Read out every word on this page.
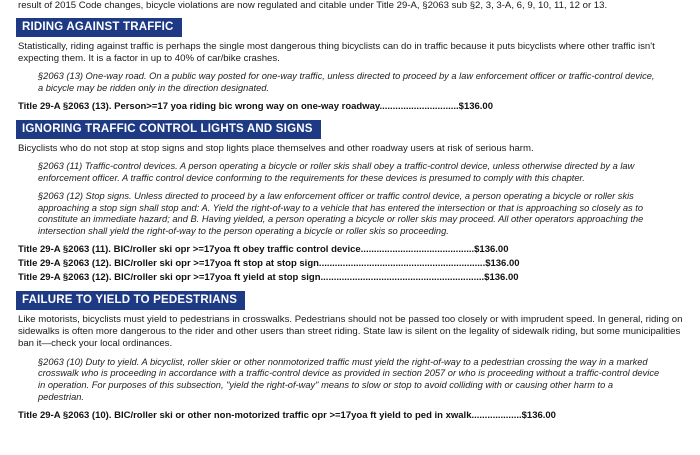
result of 2015 Code changes, bicycle violations are now regulated and citable under Title 29-A, §2063 sub §2, 3, 3-A, 6, 9, 10, 11, 12 or 13.

RIDING AGAINST TRAFFIC

Statistically, riding against traffic is perhaps the single most dangerous thing bicyclists can do in traffic because it puts bicyclists where other traffic isn't expecting them. It is a factor in up to 40% of car/bike crashes.

§2063 (13) One-way road. On a public way posted for one-way traffic, unless directed to proceed by a law enforcement officer or traffic-control device, a bicycle may be ridden only in the direction designated.

Title 29-A §2063 (13). Person>=17 yoa riding bic wrong way on one-way roadway..............................$136.00

IGNORING TRAFFIC CONTROL LIGHTS AND SIGNS

Bicyclists who do not stop at stop signs and stop lights place themselves and other roadway users at risk of serious harm.

§2063 (11) Traffic-control devices. A person operating a bicycle or roller skis shall obey a traffic-control device, unless otherwise directed by a law enforcement officer. A traffic control device conforming to the requirements for these devices is presumed to comply with this chapter.

§2063 (12) Stop signs. Unless directed to proceed by a law enforcement officer or traffic control device, a person operating a bicycle or roller skis approaching a stop sign shall stop and: A. Yield the right-of-way to a vehicle that has entered the intersection or that is approaching so closely as to constitute an immediate hazard; and B. Having yielded, a person operating a bicycle or roller skis may proceed. All other operators approaching the intersection shall yield the right-of-way to the person operating a bicycle or roller skis so proceeding.

Title 29-A §2063 (11). BIC/roller ski opr >=17yoa ft obey traffic control device...........................................$136.00

Title 29-A §2063 (12). BIC/roller ski opr >=17yoa ft stop at stop sign...............................................................$136.00

Title 29-A §2063 (12). BIC/roller ski opr >=17yoa ft yield at stop sign..............................................................$136.00

FAILURE TO YIELD TO PEDESTRIANS

Like motorists, bicyclists must yield to pedestrians in crosswalks. Pedestrians should not be passed too closely or with imprudent speed. In general, riding on sidewalks is often more dangerous to the rider and other users than street riding. State law is silent on the legality of sidewalk riding, but some municipalities ban it—check your local ordinances.

§2063 (10) Duty to yield. A bicyclist, roller skier or other nonmotorized traffic must yield the right-of-way to a pedestrian crossing the way in a marked crosswalk who is proceeding in accordance with a traffic-control device as provided in section 2057 or who is proceeding without a traffic-control device in operation. For purposes of this subsection, "yield the right-of-way" means to slow or stop to avoid colliding with or causing other harm to a pedestrian.

Title 29-A §2063 (10). BIC/roller ski or other non-motorized traffic opr >=17yoa ft yield to ped in xwalk...................$136.00
